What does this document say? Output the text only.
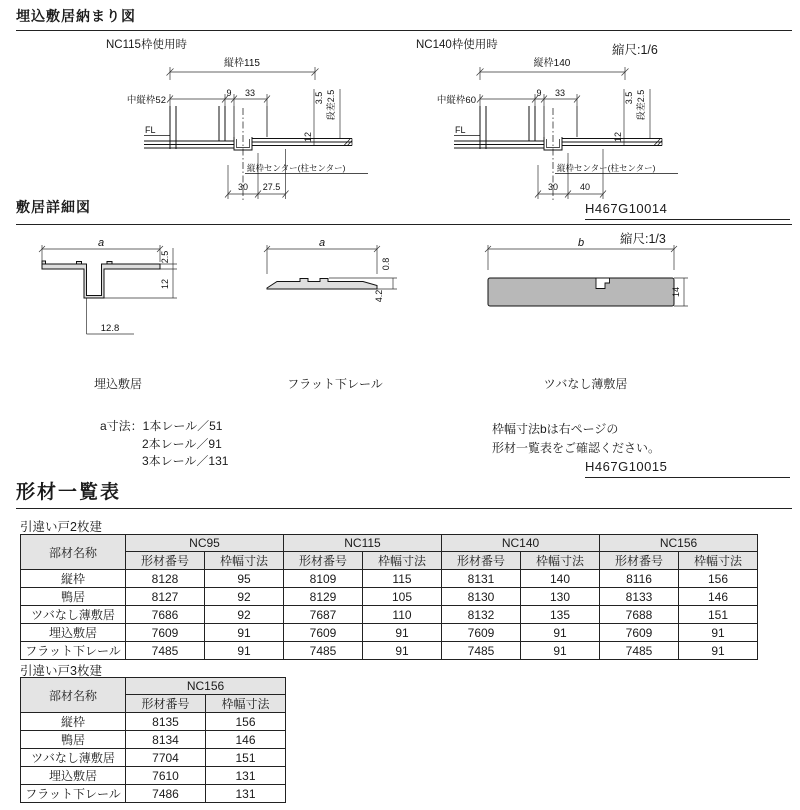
埋込敷居納まり図
縮尺:1/6
NC115枠使用時
縦枠115
中縦枠52
9 33	3.5 段差2.5
12
FL
縦枠センター(柱センター)
30 27.5
NC140枠使用時
縦枠140
中縦枠60
9 33	3.5 段差2.5
12
FL
縦枠センター(柱センター)
30 40
H467G10014
敷居詳細図
縮尺:1/3
a
2.5
12
12.8
埋込敷居
a
0.8
4.2
フラット下レール
b
14
ツバなし薄敷居
a寸法：1本レール／51
2本レール／91
3本レール／131
枠幅寸法bは右ページの
形材一覧表をご確認ください。
H467G10015
形材一覧表
引違い戸2枚建
部材名称	NC95		NC115		NC140		NC156	
	形材番号	枠幅寸法	形材番号	枠幅寸法	形材番号	枠幅寸法	形材番号	枠幅寸法
縦枠	8128	95	8109	115	8131	140	8116	156
鴨居	8127	92	8129	105	8130	130	8133	146
ツバなし薄敷居	7686	92	7687	110	8132	135	7688	151
埋込敷居	7609	91	7609	91	7609	91	7609	91
フラット下レール	7485	91	7485	91	7485	91	7485	91
引違い戸3枚建
部材名称	NC156	
	形材番号	枠幅寸法
縦枠	8135	156
鴨居	8134	146
ツバなし薄敷居	7704	151
埋込敷居	7610	131
フラット下レール	7486	131
